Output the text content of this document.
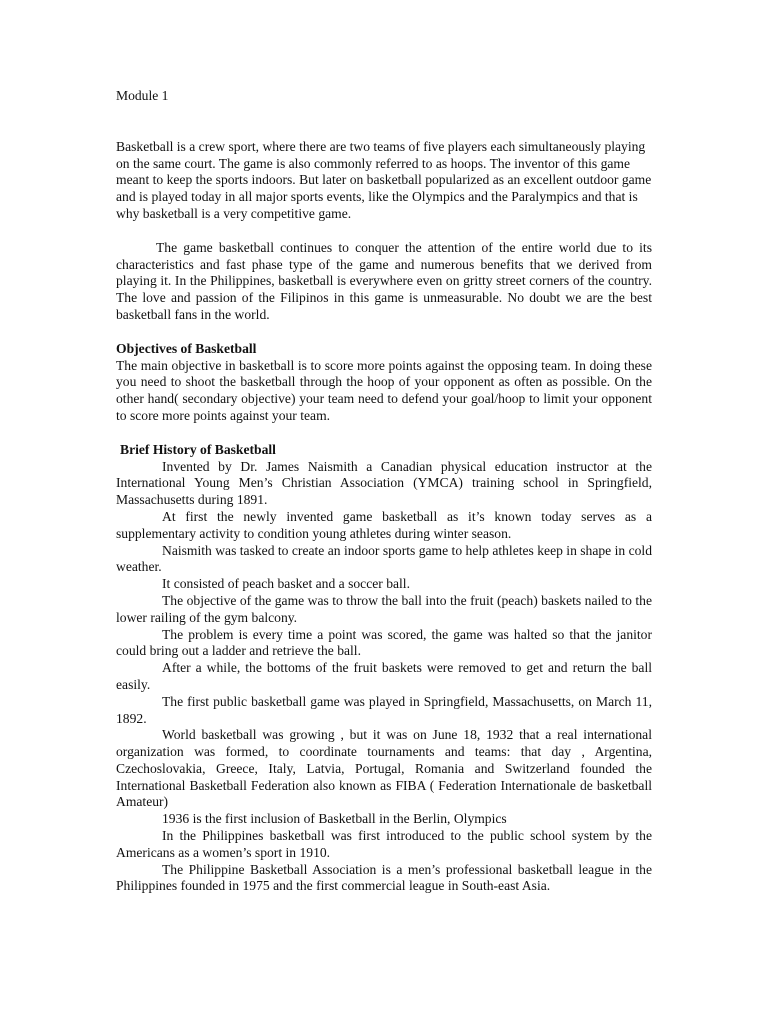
Module 1

Basketball is a crew sport, where there are two teams of five players each simultaneously playing on the same court. The game is also commonly referred to as hoops. The inventor of this game meant to keep the sports indoors. But later on basketball popularized as an excellent outdoor game and is played today in all major sports events, like the Olympics and the Paralympics and that is why basketball is a very competitive game.

The game basketball continues to conquer the attention of the entire world due to its characteristics and fast phase type of the game and numerous benefits that we derived from playing it. In the Philippines, basketball is everywhere even on gritty street corners of the country. The love and passion of the Filipinos in this game is unmeasurable. No doubt we are the best basketball fans in the world.

Objectives of Basketball

The main objective in basketball is to score more points against the opposing team. In doing these you need to shoot the basketball through the hoop of your opponent as often as possible. On the other hand( secondary objective) your team need to defend your goal/hoop to limit your opponent to score more points against your team.

Brief History of Basketball
Invented by Dr. James Naismith a Canadian physical education instructor at the International Young Men’s Christian Association (YMCA) training school in Springfield, Massachusetts during 1891.
At first the newly invented game basketball as it’s known today serves as a supplementary activity to condition young athletes during winter season.
Naismith was tasked to create an indoor sports game to help athletes keep in shape in cold weather.
It consisted of peach basket and a soccer ball.
The objective of the game was to throw the ball into the fruit (peach) baskets nailed to the lower railing of the gym balcony.
The problem is every time a point was scored, the game was halted so that the janitor could bring out a ladder and retrieve the ball.
After a while, the bottoms of the fruit baskets were removed to get and return the ball easily.
The first public basketball game was played in Springfield, Massachusetts, on March 11, 1892.
World basketball was growing , but it was on June 18, 1932 that a real international organization was formed, to coordinate tournaments and teams: that day , Argentina, Czechoslovakia, Greece, Italy, Latvia, Portugal, Romania and Switzerland founded the International Basketball Federation also known as FIBA ( Federation Internationale de basketball Amateur)
1936 is the first inclusion of Basketball in the Berlin, Olympics
In the Philippines basketball was first introduced to the public school system by the Americans as a women’s sport in 1910.
The Philippine Basketball Association is a men’s professional basketball league in the Philippines founded in 1975 and the first commercial league in South-east Asia.
